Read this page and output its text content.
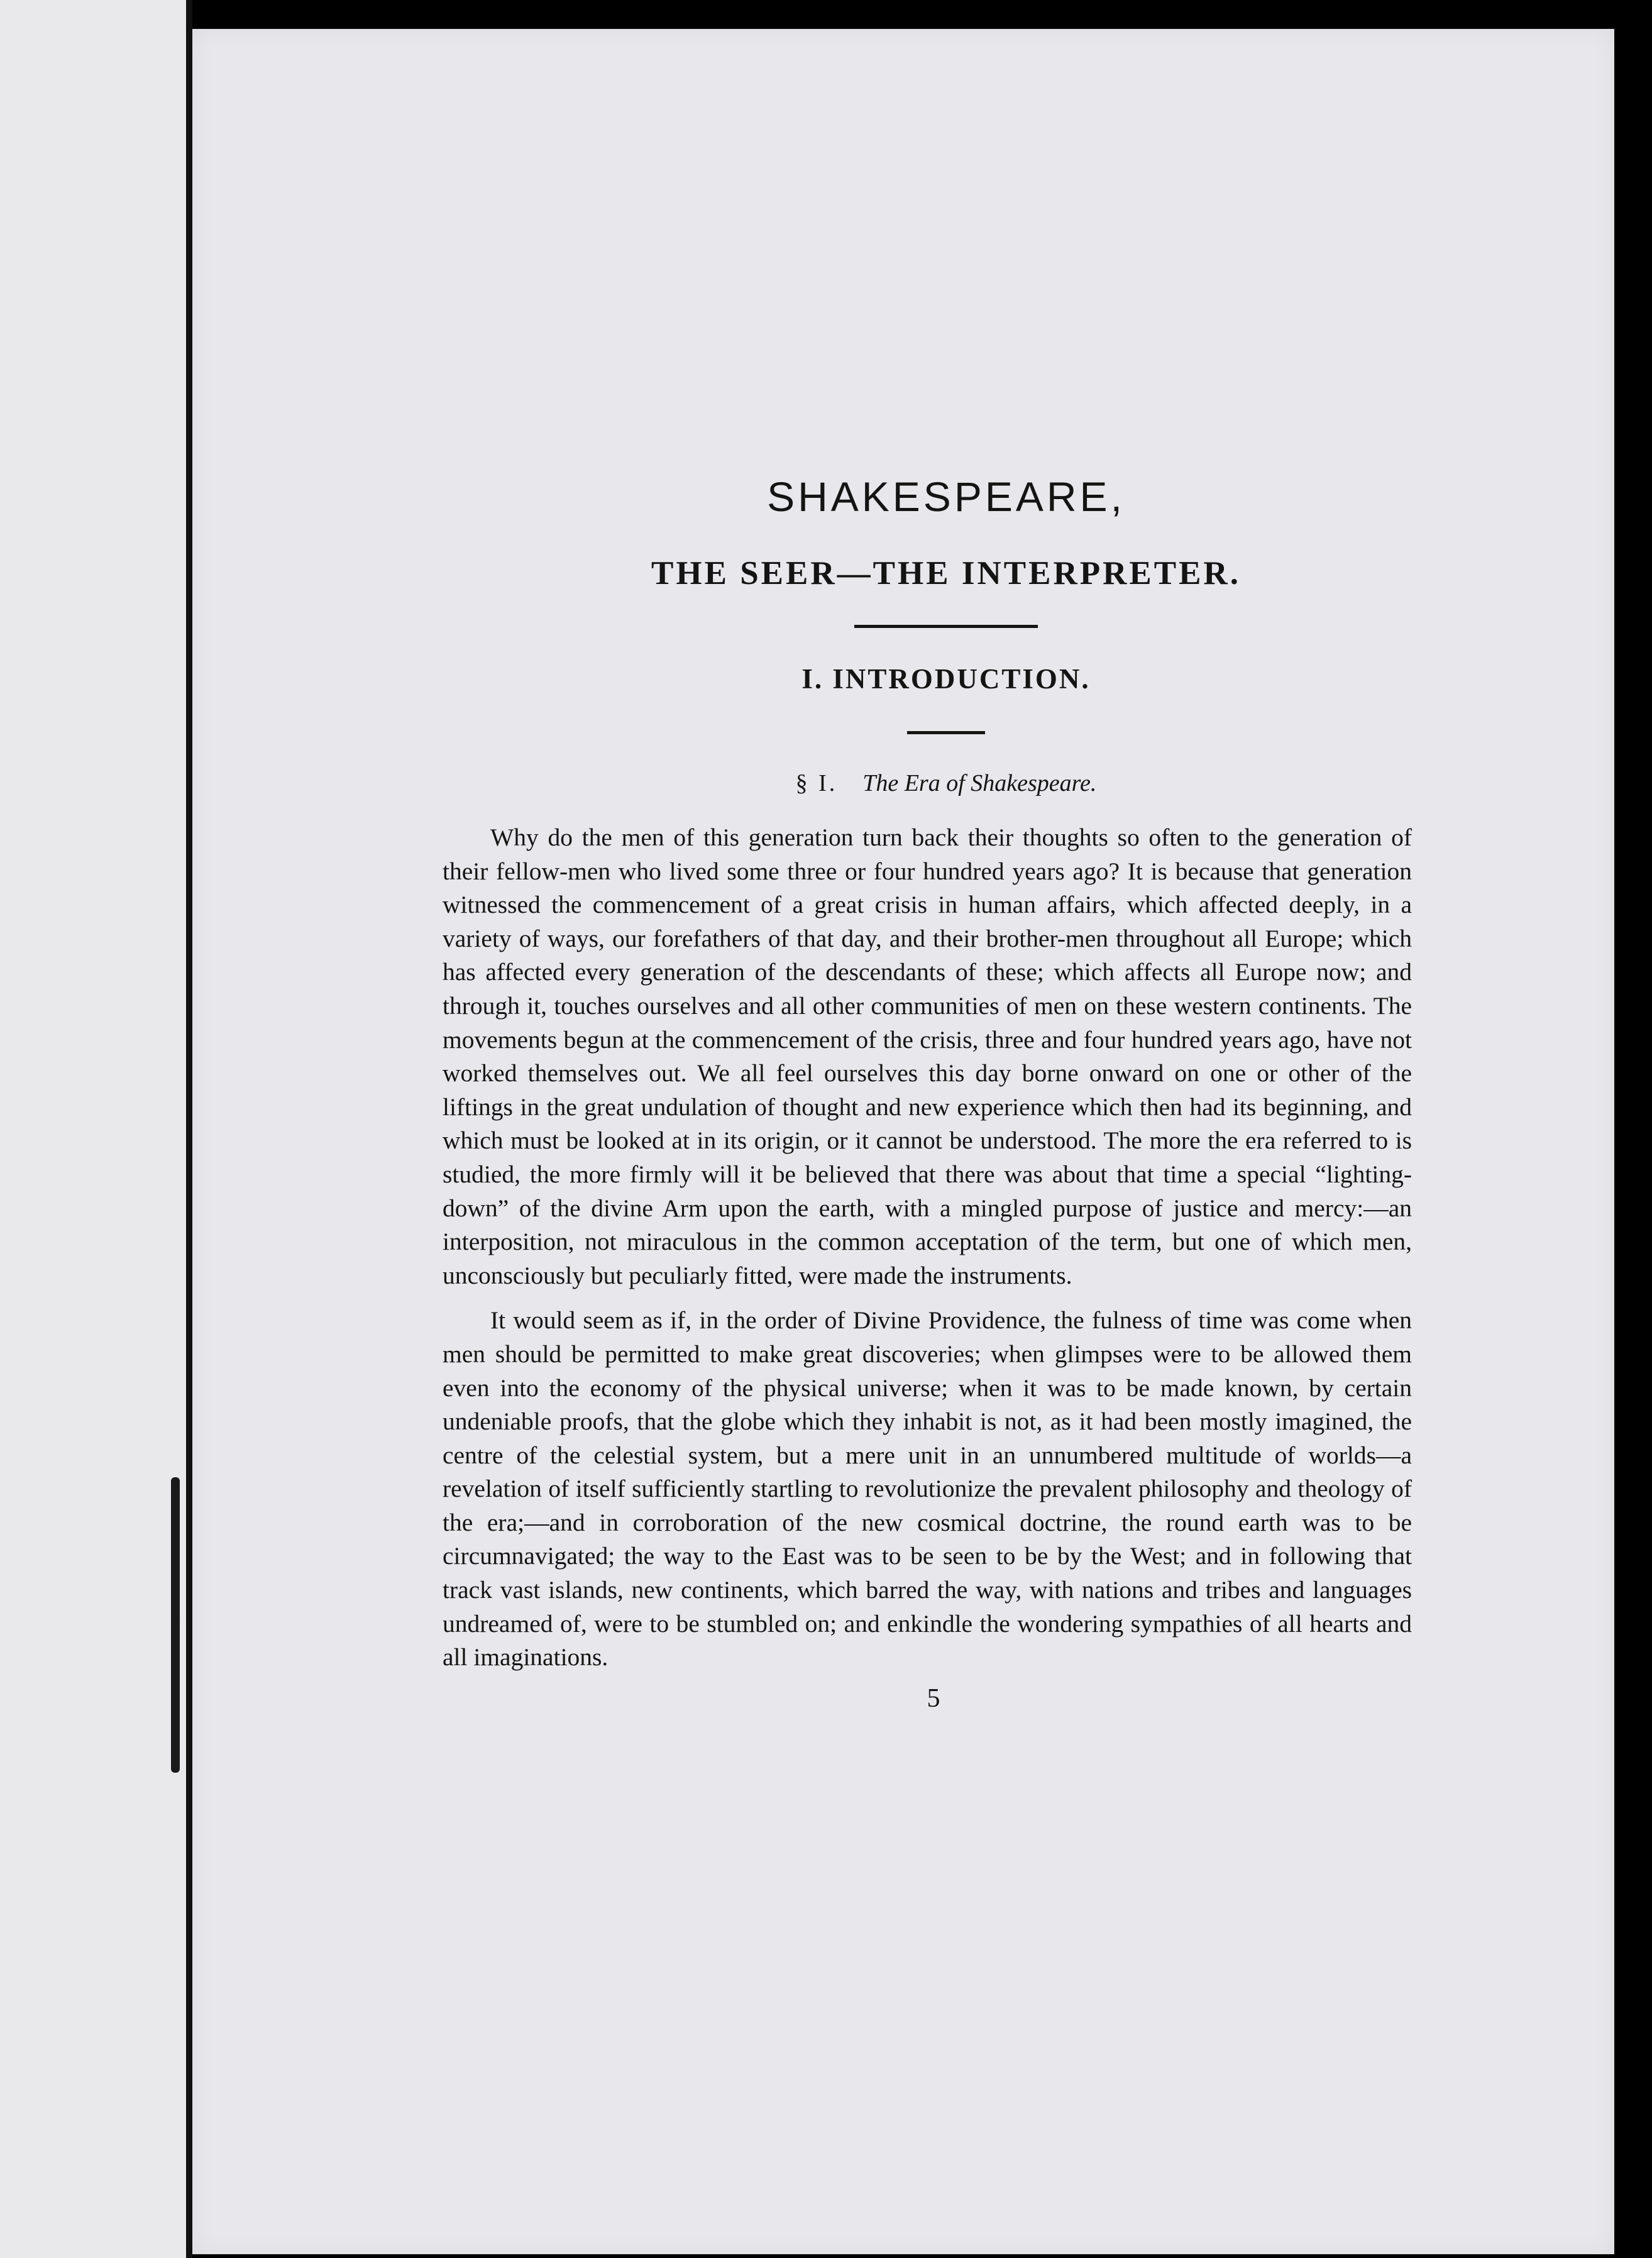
SHAKESPEARE,
THE SEER—THE INTERPRETER.
I. INTRODUCTION.
§ I. The Era of Shakespeare.

Why do the men of this generation turn back their thoughts so often to the generation of their fellow-men who lived some three or four hundred years ago? It is because that generation witnessed the commencement of a great crisis in human affairs, which affected deeply, in a variety of ways, our forefathers of that day, and their brother-men throughout all Europe; which has affected every generation of the descendants of these; which affects all Europe now; and through it, touches ourselves and all other communities of men on these western continents. The movements begun at the commencement of the crisis, three and four hundred years ago, have not worked themselves out. We all feel ourselves this day borne onward on one or other of the liftings in the great undulation of thought and new experience which then had its beginning, and which must be looked at in its origin, or it cannot be understood. The more the era referred to is studied, the more firmly will it be believed that there was about that time a special “lighting-down” of the divine Arm upon the earth, with a mingled purpose of justice and mercy:—an interposition, not miraculous in the common acceptation of the term, but one of which men, unconsciously but peculiarly fitted, were made the instruments.

It would seem as if, in the order of Divine Providence, the fulness of time was come when men should be permitted to make great discoveries; when glimpses were to be allowed them even into the economy of the physical universe; when it was to be made known, by certain undeniable proofs, that the globe which they inhabit is not, as it had been mostly imagined, the centre of the celestial system, but a mere unit in an unnumbered multitude of worlds—a revelation of itself sufficiently startling to revolutionize the prevalent philosophy and theology of the era;—and in corroboration of the new cosmical doctrine, the round earth was to be circumnavigated; the way to the East was to be seen to be by the West; and in following that track vast islands, new continents, which barred the way, with nations and tribes and languages undreamed of, were to be stumbled on; and enkindle the wondering sympathies of all hearts and all imaginations.

5
